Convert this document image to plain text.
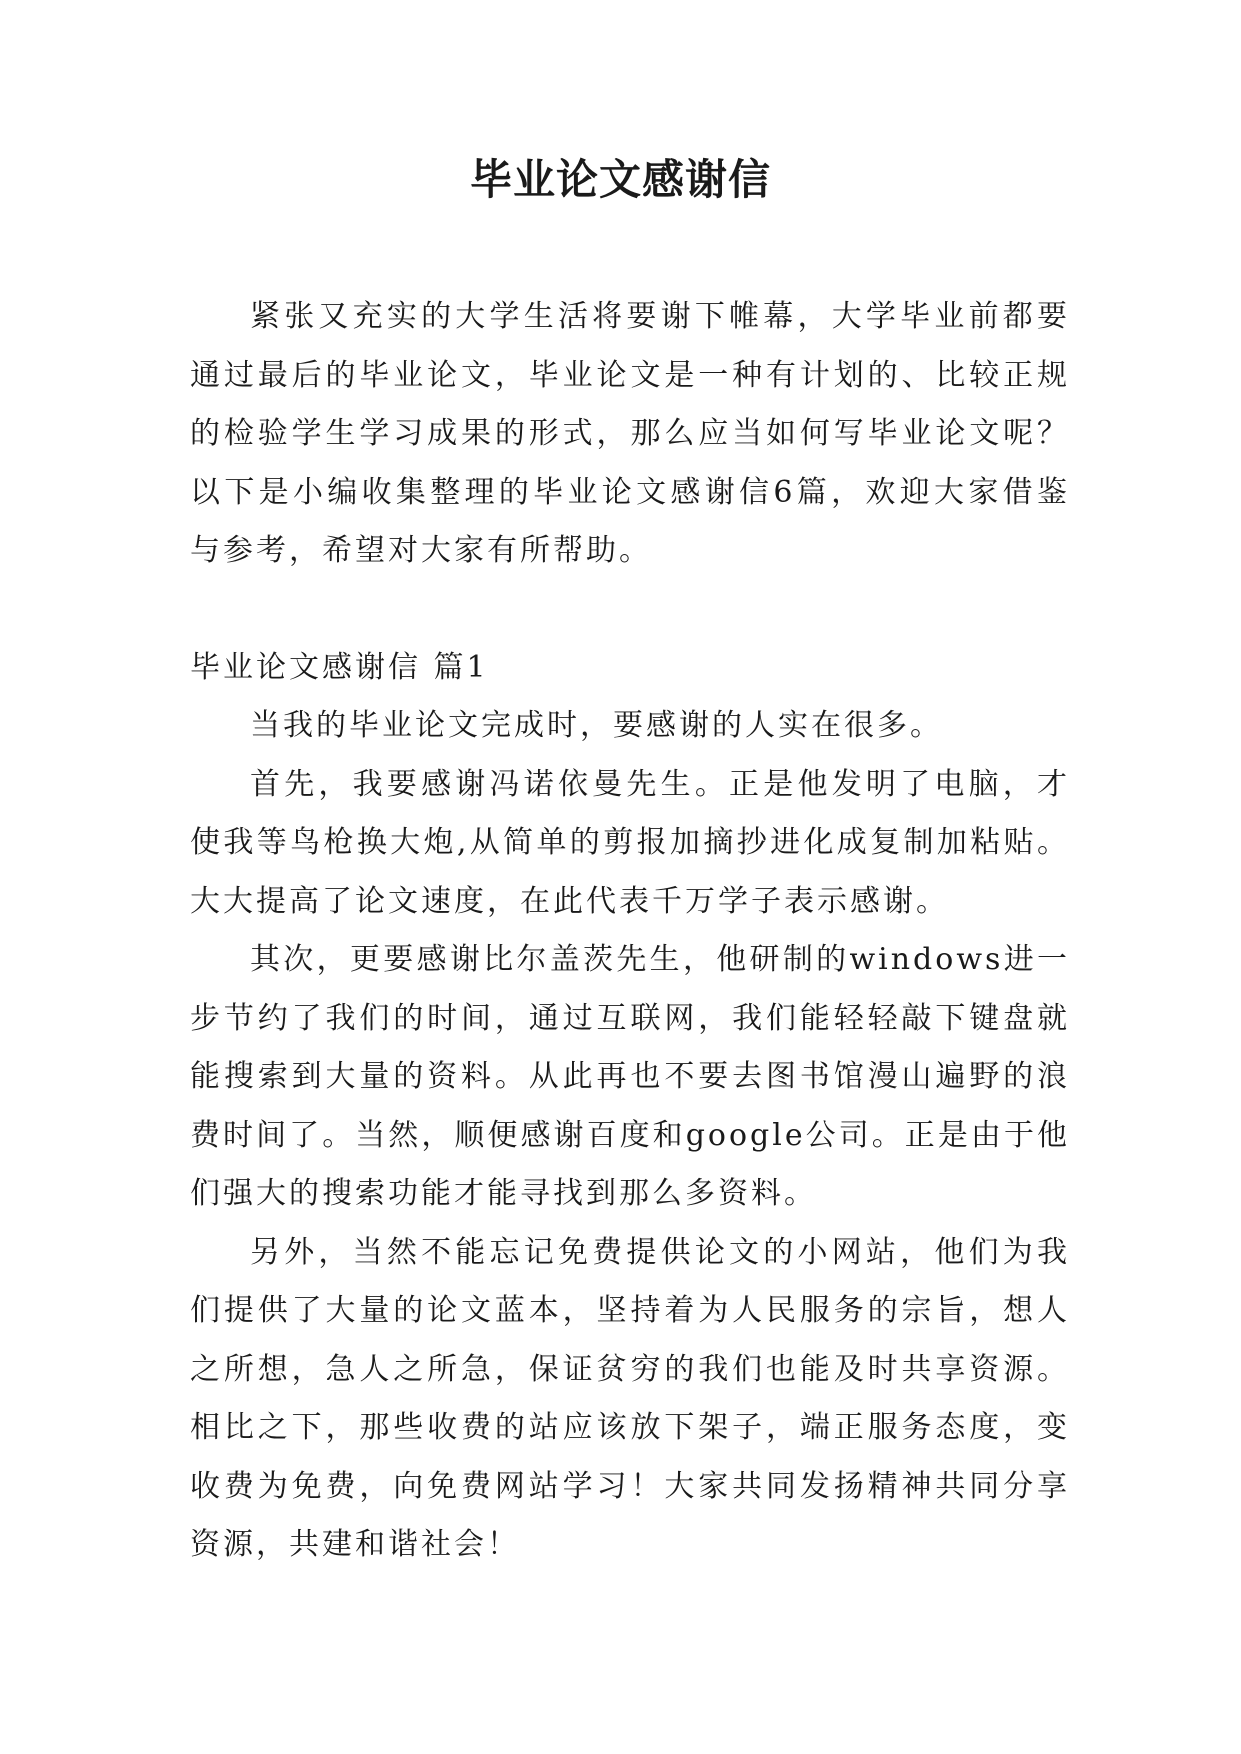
毕业论文感谢信

紧张又充实的大学生活将要谢下帷幕，大学毕业前都要通过最后的毕业论文，毕业论文是一种有计划的、比较正规的检验学生学习成果的形式，那么应当如何写毕业论文呢？以下是小编收集整理的毕业论文感谢信6篇，欢迎大家借鉴与参考，希望对大家有所帮助。

毕业论文感谢信 篇1

当我的毕业论文完成时，要感谢的人实在很多。

首先，我要感谢冯诺依曼先生。正是他发明了电脑，才使我等鸟枪换大炮,从简单的剪报加摘抄进化成复制加粘贴。大大提高了论文速度，在此代表千万学子表示感谢。

其次，更要感谢比尔盖茨先生，他研制的windows进一步节约了我们的时间，通过互联网，我们能轻轻敲下键盘就能搜索到大量的资料。从此再也不要去图书馆漫山遍野的浪费时间了。当然，顺便感谢百度和google公司。正是由于他们强大的搜索功能才能寻找到那么多资料。

另外，当然不能忘记免费提供论文的小网站，他们为我们提供了大量的论文蓝本，坚持着为人民服务的宗旨，想人之所想，急人之所急，保证贫穷的我们也能及时共享资源。相比之下，那些收费的站应该放下架子，端正服务态度，变收费为免费，向免费网站学习！大家共同发扬精神共同分享资源，共建和谐社会！
